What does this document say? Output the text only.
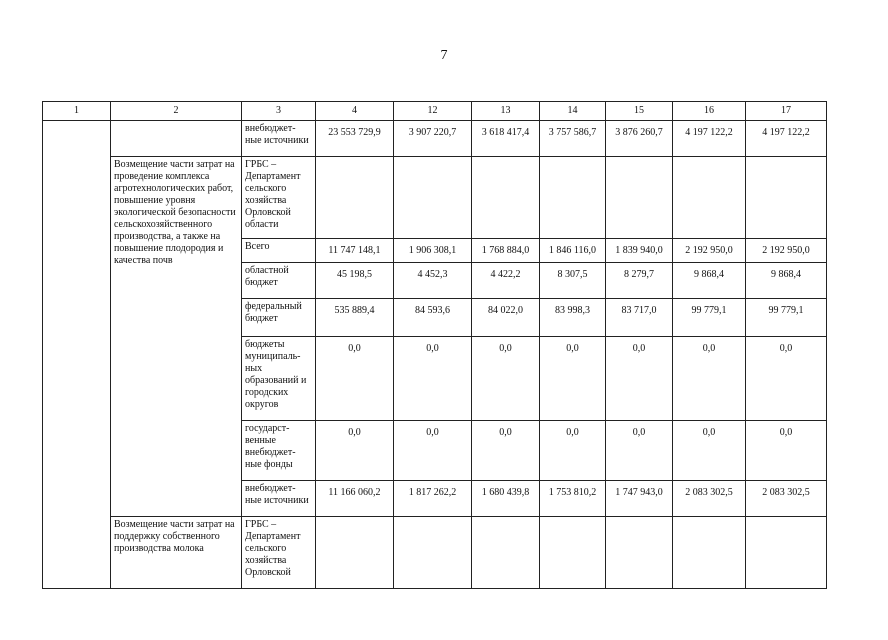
7
1	2	3	4	12	13	14	15	16	17
		внебюджет-ные источники	23 553 729,9	3 907 220,7	3 618 417,4	3 757 586,7	3 876 260,7	4 197 122,2	4 197 122,2
	Возмещение части затрат на проведение комплекса агротехнологических работ, повышение уровня экологической безопасности сельскохозяйственного производства, а также на повышение плодородия и качества почв	ГРБС – Департамент сельского хозяйства Орловской области							
		Всего	11 747 148,1	1 906 308,1	1 768 884,0	1 846 116,0	1 839 940,0	2 192 950,0	2 192 950,0
		областной бюджет	45 198,5	4 452,3	4 422,2	8 307,5	8 279,7	9 868,4	9 868,4
		федеральный бюджет	535 889,4	84 593,6	84 022,0	83 998,3	83 717,0	99 779,1	99 779,1
		бюджеты муниципаль-ных образований и городских округов	0,0	0,0	0,0	0,0	0,0	0,0	0,0
		государст-венные внебюджет-ные фонды	0,0	0,0	0,0	0,0	0,0	0,0	0,0
		внебюджет-ные источники	11 166 060,2	1 817 262,2	1 680 439,8	1 753 810,2	1 747 943,0	2 083 302,5	2 083 302,5
	Возмещение части затрат на поддержку собственного производства молока	ГРБС – Департамент сельского хозяйства Орловской							
